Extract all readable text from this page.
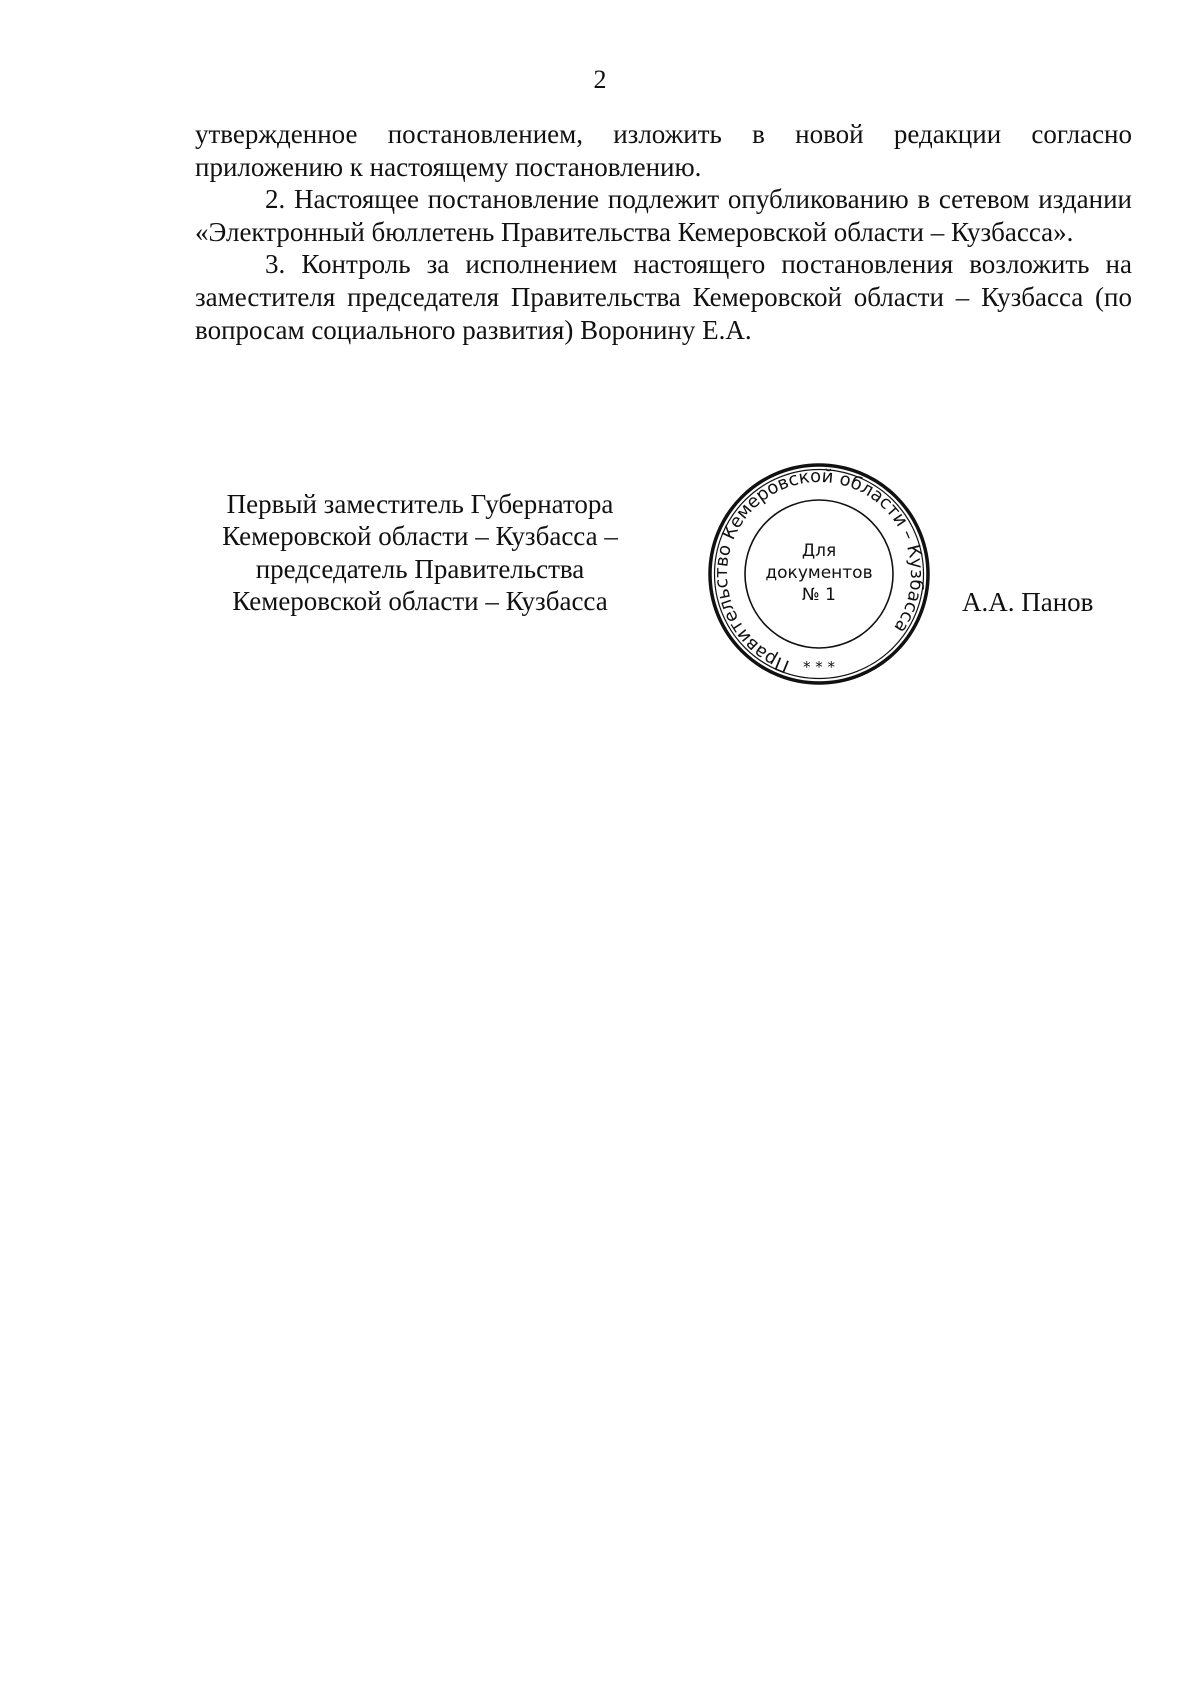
2

утвержденное постановлением, изложить в новой редакции согласно приложению к настоящему постановлению.

2. Настоящее постановление подлежит опубликованию в сетевом издании «Электронный бюллетень Правительства Кемеровской области – Кузбасса».

3. Контроль за исполнением настоящего постановления возложить на заместителя председателя Правительства Кемеровской области – Кузбасса (по вопросам социального развития) Воронину Е.А.

Первый заместитель Губернатора
Кемеровской области – Кузбасса –
председатель Правительства
Кемеровской области – Кузбасса
Правительство Кемеровской области – Кузбасса
* * *
Для
документов
№ 1	А.А. Панов
